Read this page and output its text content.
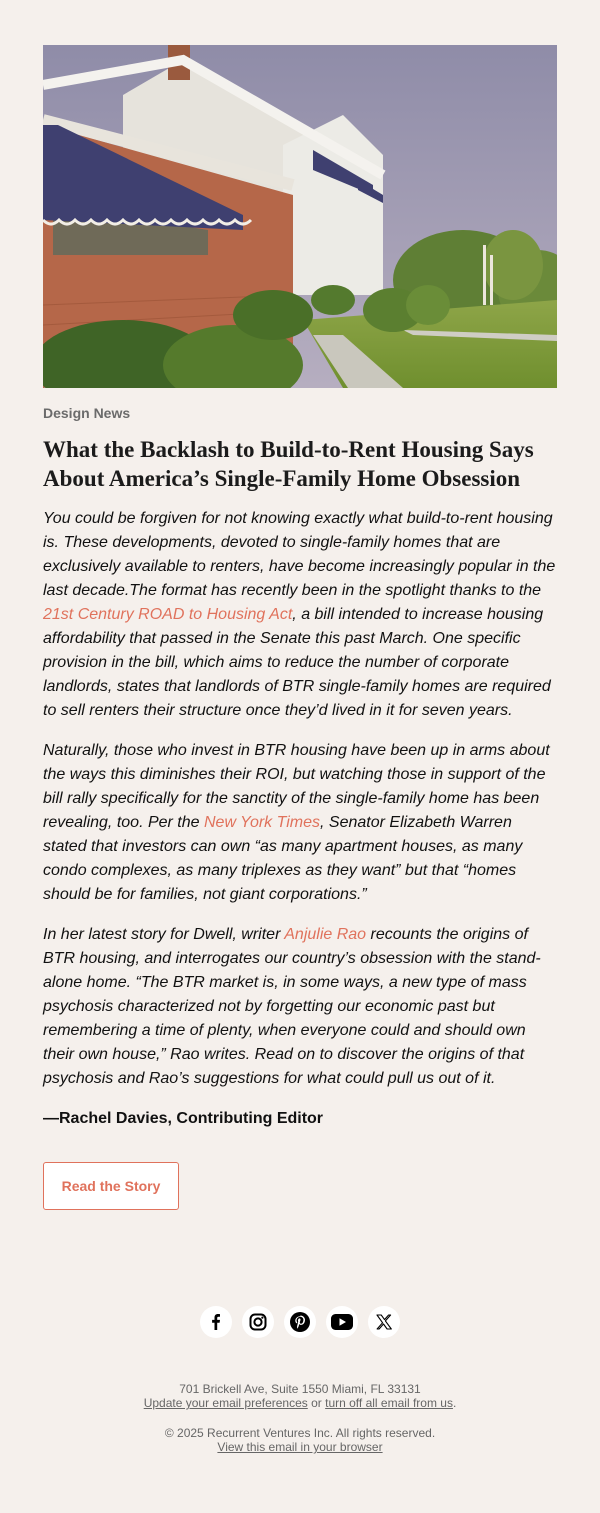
Design News
What the Backlash to Build-to-Rent Housing Says About America’s Single-Family Home Obsession

You could be forgiven for not knowing exactly what build-to-rent housing is. These developments, devoted to single-family homes that are exclusively available to renters, have become increasingly popular in the last decade.The format has recently been in the spotlight thanks to the 21st Century ROAD to Housing Act, a bill intended to increase housing affordability that passed in the Senate this past March. One specific provision in the bill, which aims to reduce the number of corporate landlords, states that landlords of BTR single-family homes are required to sell renters their structure once they’d lived in it for seven years.

Naturally, those who invest in BTR housing have been up in arms about the ways this diminishes their ROI, but watching those in support of the bill rally specifically for the sanctity of the single-family home has been revealing, too. Per the New York Times, Senator Elizabeth Warren stated that investors can own “as many apartment houses, as many condo complexes, as many triplexes as they want” but that “homes should be for families, not giant corporations.”

In her latest story for Dwell, writer Anjulie Rao recounts the origins of BTR housing, and interrogates our country’s obsession with the stand-alone home. “The BTR market is, in some ways, a new type of mass psychosis characterized not by forgetting our economic past but remembering a time of plenty, when everyone could and should own their own house,” Rao writes. Read on to discover the origins of that psychosis and Rao’s suggestions for what could pull us out of it.

—Rachel Davies, Contributing Editor
Read the Story
701 Brickell Ave, Suite 1550 Miami, FL 33131
Update your email preferences or turn off all email from us.
© 2025 Recurrent Ventures Inc. All rights reserved.
View this email in your browser
